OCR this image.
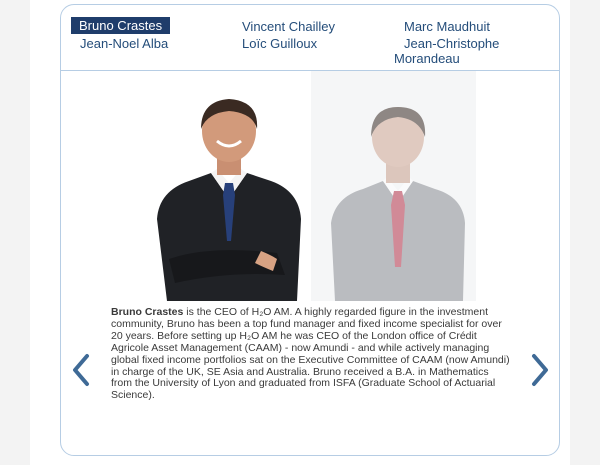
Bruno Crastes	Vincent Chailley	Marc Maudhuit
Jean-Noel Alba	Loïc Guilloux	Jean-Christophe Morandeau
Bruno Crastes is the CEO of H₂O AM. A highly regarded figure in the investment community, Bruno has been a top fund manager and fixed income specialist for over 20 years. Before setting up H₂O AM he was CEO of the London office of Crédit Agricole Asset Management (CAAM) - now Amundi - and while actively managing global fixed income portfolios sat on the Executive Committee of CAAM (now Amundi) in charge of the UK, SE Asia and Australia. Bruno received a B.A. in Mathematics from the University of Lyon and graduated from ISFA (Graduate School of Actuarial Science).
